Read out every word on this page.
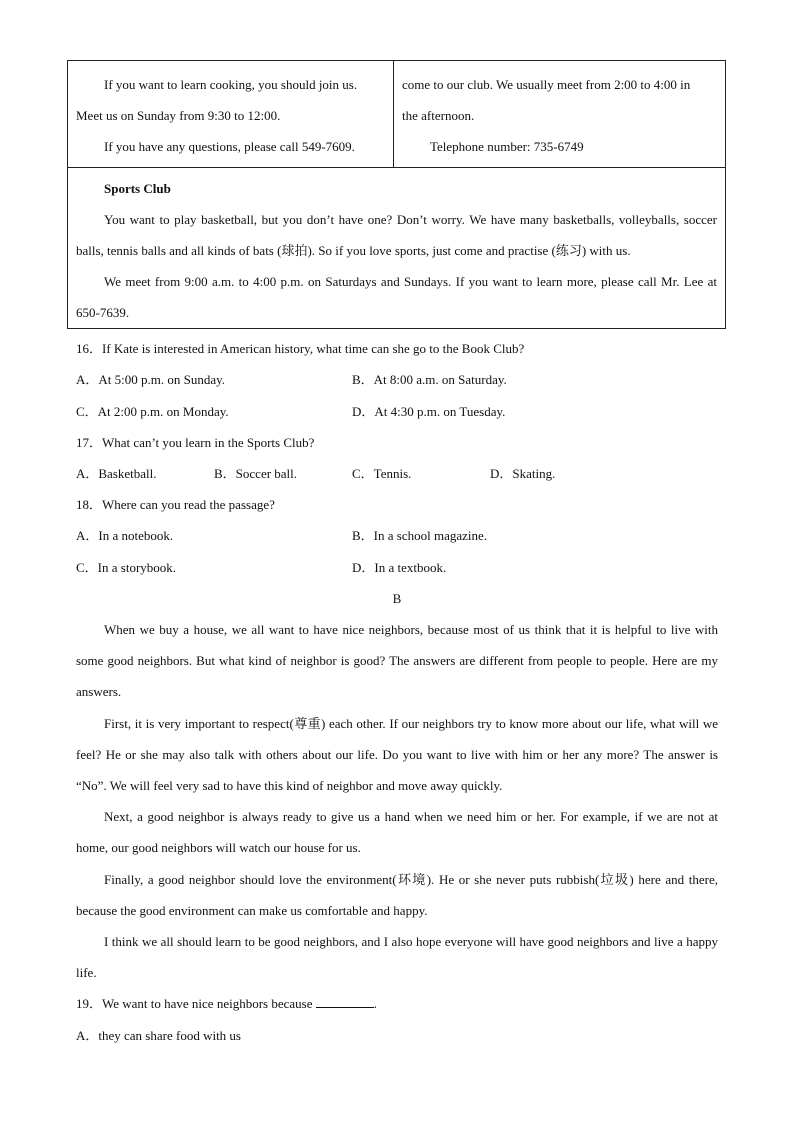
If you want to learn cooking, you should join us.

Meet us on Sunday from 9:30 to 12:00.

If you have any questions, please call 549-7609.

come to our club. We usually meet from 2:00 to 4:00 in

the afternoon.

Telephone number: 735-6749

Sports Club

You want to play basketball, but you don’t have one? Don’t worry. We have many basketballs, volleyballs, soccer balls, tennis balls and all kinds of bats (球拍). So if you love sports, just come and practise (练习) with us.

We meet from 9:00 a.m. to 4:00 p.m. on Saturdays and Sundays. If you want to learn more, please call Mr. Lee at 650-7639.

16．If Kate is interested in American history, what time can she go to the Book Club?
A．At 5:00 p.m. on Sunday.	B．At 8:00 a.m. on Saturday.
C．At 2:00 p.m. on Monday.	D．At 4:30 p.m. on Tuesday.
17．What can’t you learn in the Sports Club?
A．Basketball.	B．Soccer ball.	C．Tennis.	D．Skating.
18．Where can you read the passage?
A．In a notebook.	B．In a school magazine.
C．In a storybook.	D．In a textbook.
B

When we buy a house, we all want to have nice neighbors, because most of us think that it is helpful to live with some good neighbors. But what kind of neighbor is good? The answers are different from people to people. Here are my answers.

First, it is very important to respect(尊重) each other. If our neighbors try to know more about our life, what will we feel? He or she may also talk with others about our life. Do you want to live with him or her any more? The answer is “No”. We will feel very sad to have this kind of neighbor and move away quickly.

Next, a good neighbor is always ready to give us a hand when we need him or her. For example, if we are not at home, our good neighbors will watch our house for us.

Finally, a good neighbor should love the environment(环境). He or she never puts rubbish(垃圾) here and there, because the good environment can make us comfortable and happy.

I think we all should learn to be good neighbors, and I also hope everyone will have good neighbors and live a happy life.

19．We want to have nice neighbors because	.
A．they can share food with us
